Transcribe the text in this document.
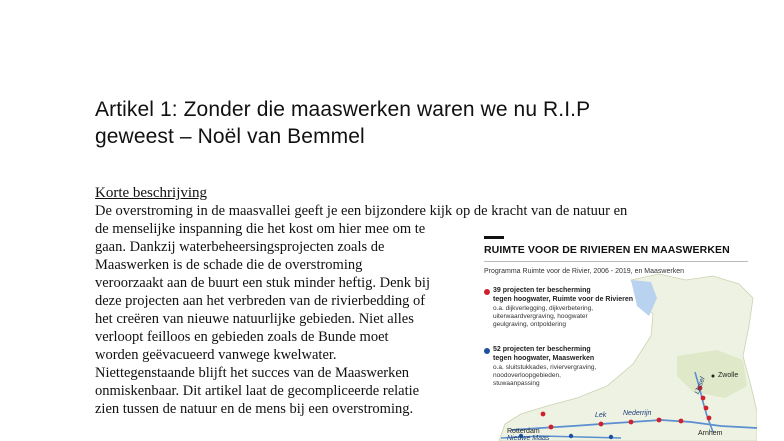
Artikel 1: Zonder die maaswerken waren we nu R.I.P
geweest – Noël van Bemmel
Korte beschrijving
De overstroming in de maasvallei geeft je een bijzondere kijk op de kracht van de natuur en
de menselijke inspanning die het kost om hier mee om te
gaan. Dankzij waterbeheersingsprojecten zoals de
Maaswerken is de schade die de overstroming
veroorzaakt aan de buurt een stuk minder heftig. Denk bij
deze projecten aan het verbreden van de rivierbedding of
het creëren van nieuwe natuurlijke gebieden. Niet alles
verloopt feilloos en gebieden zoals de Bunde moet
worden geëvacueerd vanwege kwelwater.
Niettegenstaande blijft het succes van de Maaswerken
onmiskenbaar. Dit artikel laat de gecompliceerde relatie
zien tussen de natuur en de mens bij een overstroming.
RUIMTE VOOR DE RIVIEREN EN MAASWERKEN
Programma Ruimte voor de Rivier, 2006 - 2019, en Maaswerken
39 projecten ter bescherming
tegen hoogwater, Ruimte voor de Rivieren
o.a. dijkverlegging, dijkverbetering,
uiterwaardvergraving, hoogwater
geulgraving, ontpoldering
52 projecten ter bescherming
tegen hoogwater, Maaswerken
o.a. sluitstukkades, riviervergraving,
noodoverloopgebieden,
stuwaanpassing
Zwolle
IJssel
Rotterdam
Lek Nederrijn
Nieuwe Maas
Arnhem
